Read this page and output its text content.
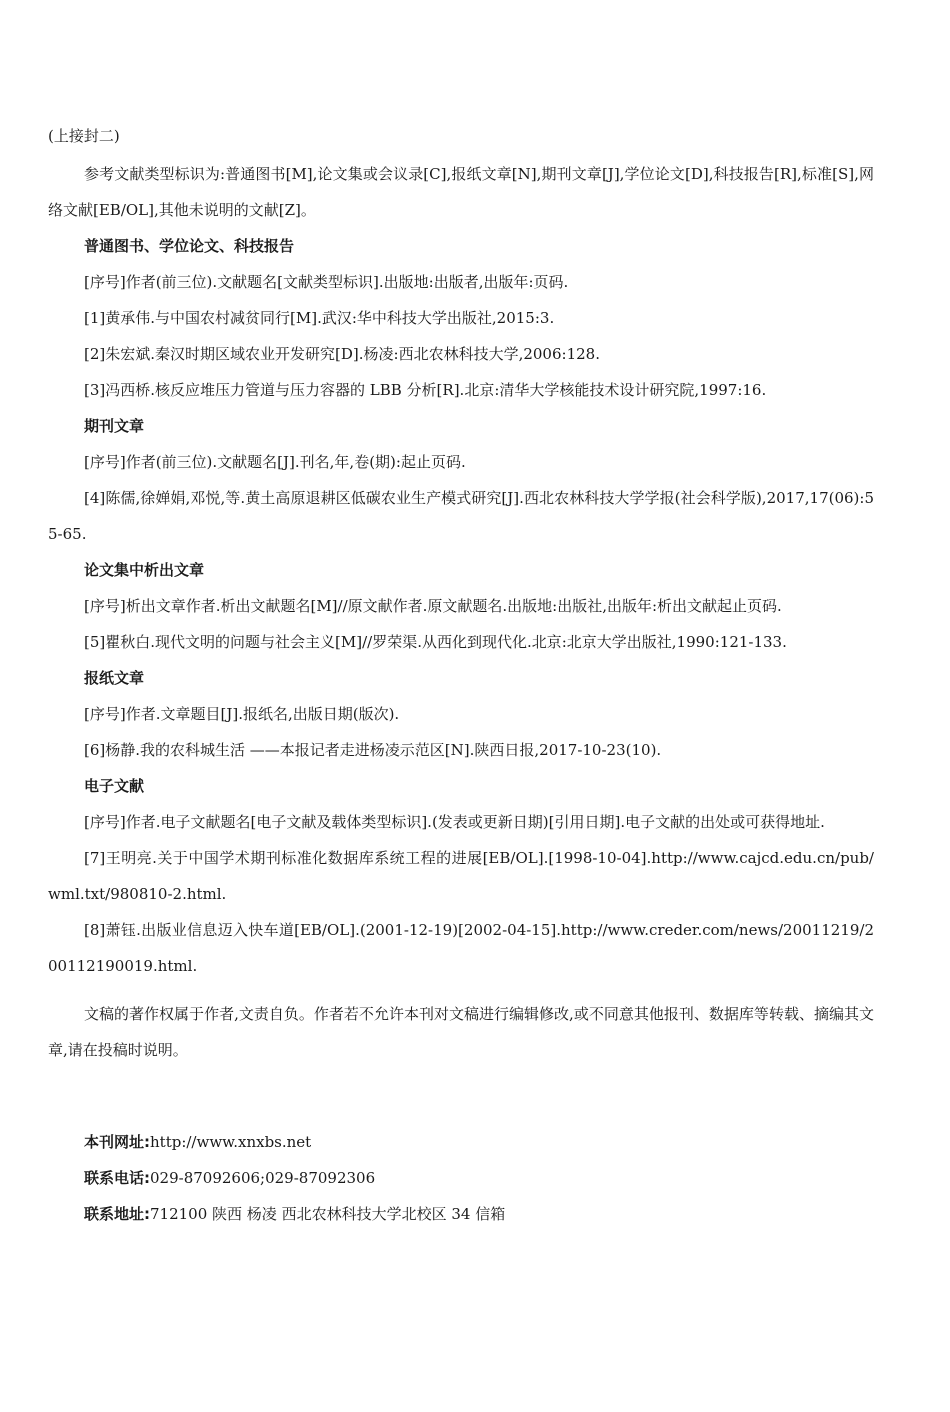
(上接封二)

参考文献类型标识为:普通图书[M],论文集或会议录[C],报纸文章[N],期刊文章[J],学位论文[D],科技报告[R],标准[S],网络文献[EB/OL],其他未说明的文献[Z]。

普通图书、学位论文、科技报告

[序号]作者(前三位).文献题名[文献类型标识].出版地:出版者,出版年:页码.

[1]黄承伟.与中国农村减贫同行[M].武汉:华中科技大学出版社,2015:3.

[2]朱宏斌.秦汉时期区域农业开发研究[D].杨凌:西北农林科技大学,2006:128.

[3]冯西桥.核反应堆压力管道与压力容器的 LBB 分析[R].北京:清华大学核能技术设计研究院,1997:16.

期刊文章

[序号]作者(前三位).文献题名[J].刊名,年,卷(期):起止页码.

[4]陈儒,徐婵娟,邓悦,等.黄土高原退耕区低碳农业生产模式研究[J].西北农林科技大学学报(社会科学版),2017,17(06):55-65.

论文集中析出文章

[序号]析出文章作者.析出文献题名[M]//原文献作者.原文献题名.出版地:出版社,出版年:析出文献起止页码.

[5]瞿秋白.现代文明的问题与社会主义[M]//罗荣渠.从西化到现代化.北京:北京大学出版社,1990:121-133.

报纸文章

[序号]作者.文章题目[J].报纸名,出版日期(版次).

[6]杨静.我的农科城生活 ——本报记者走进杨凌示范区[N].陕西日报,2017-10-23(10).

电子文献

[序号]作者.电子文献题名[电子文献及载体类型标识].(发表或更新日期)[引用日期].电子文献的出处或可获得地址.

[7]王明亮.关于中国学术期刊标准化数据库系统工程的进展[EB/OL].[1998-10-04].http://www.cajcd.edu.cn/pub/wml.txt/980810-2.html.

[8]萧钰.出版业信息迈入快车道[EB/OL].(2001-12-19)[2002-04-15].http://www.creder.com/news/20011219/200112190019.html.

文稿的著作权属于作者,文责自负。作者若不允许本刊对文稿进行编辑修改,或不同意其他报刊、数据库等转载、摘编其文章,请在投稿时说明。

本刊网址:http://www.xnxbs.net

联系电话:029-87092606;029-87092306

联系地址:712100 陕西 杨凌 西北农林科技大学北校区 34 信箱
